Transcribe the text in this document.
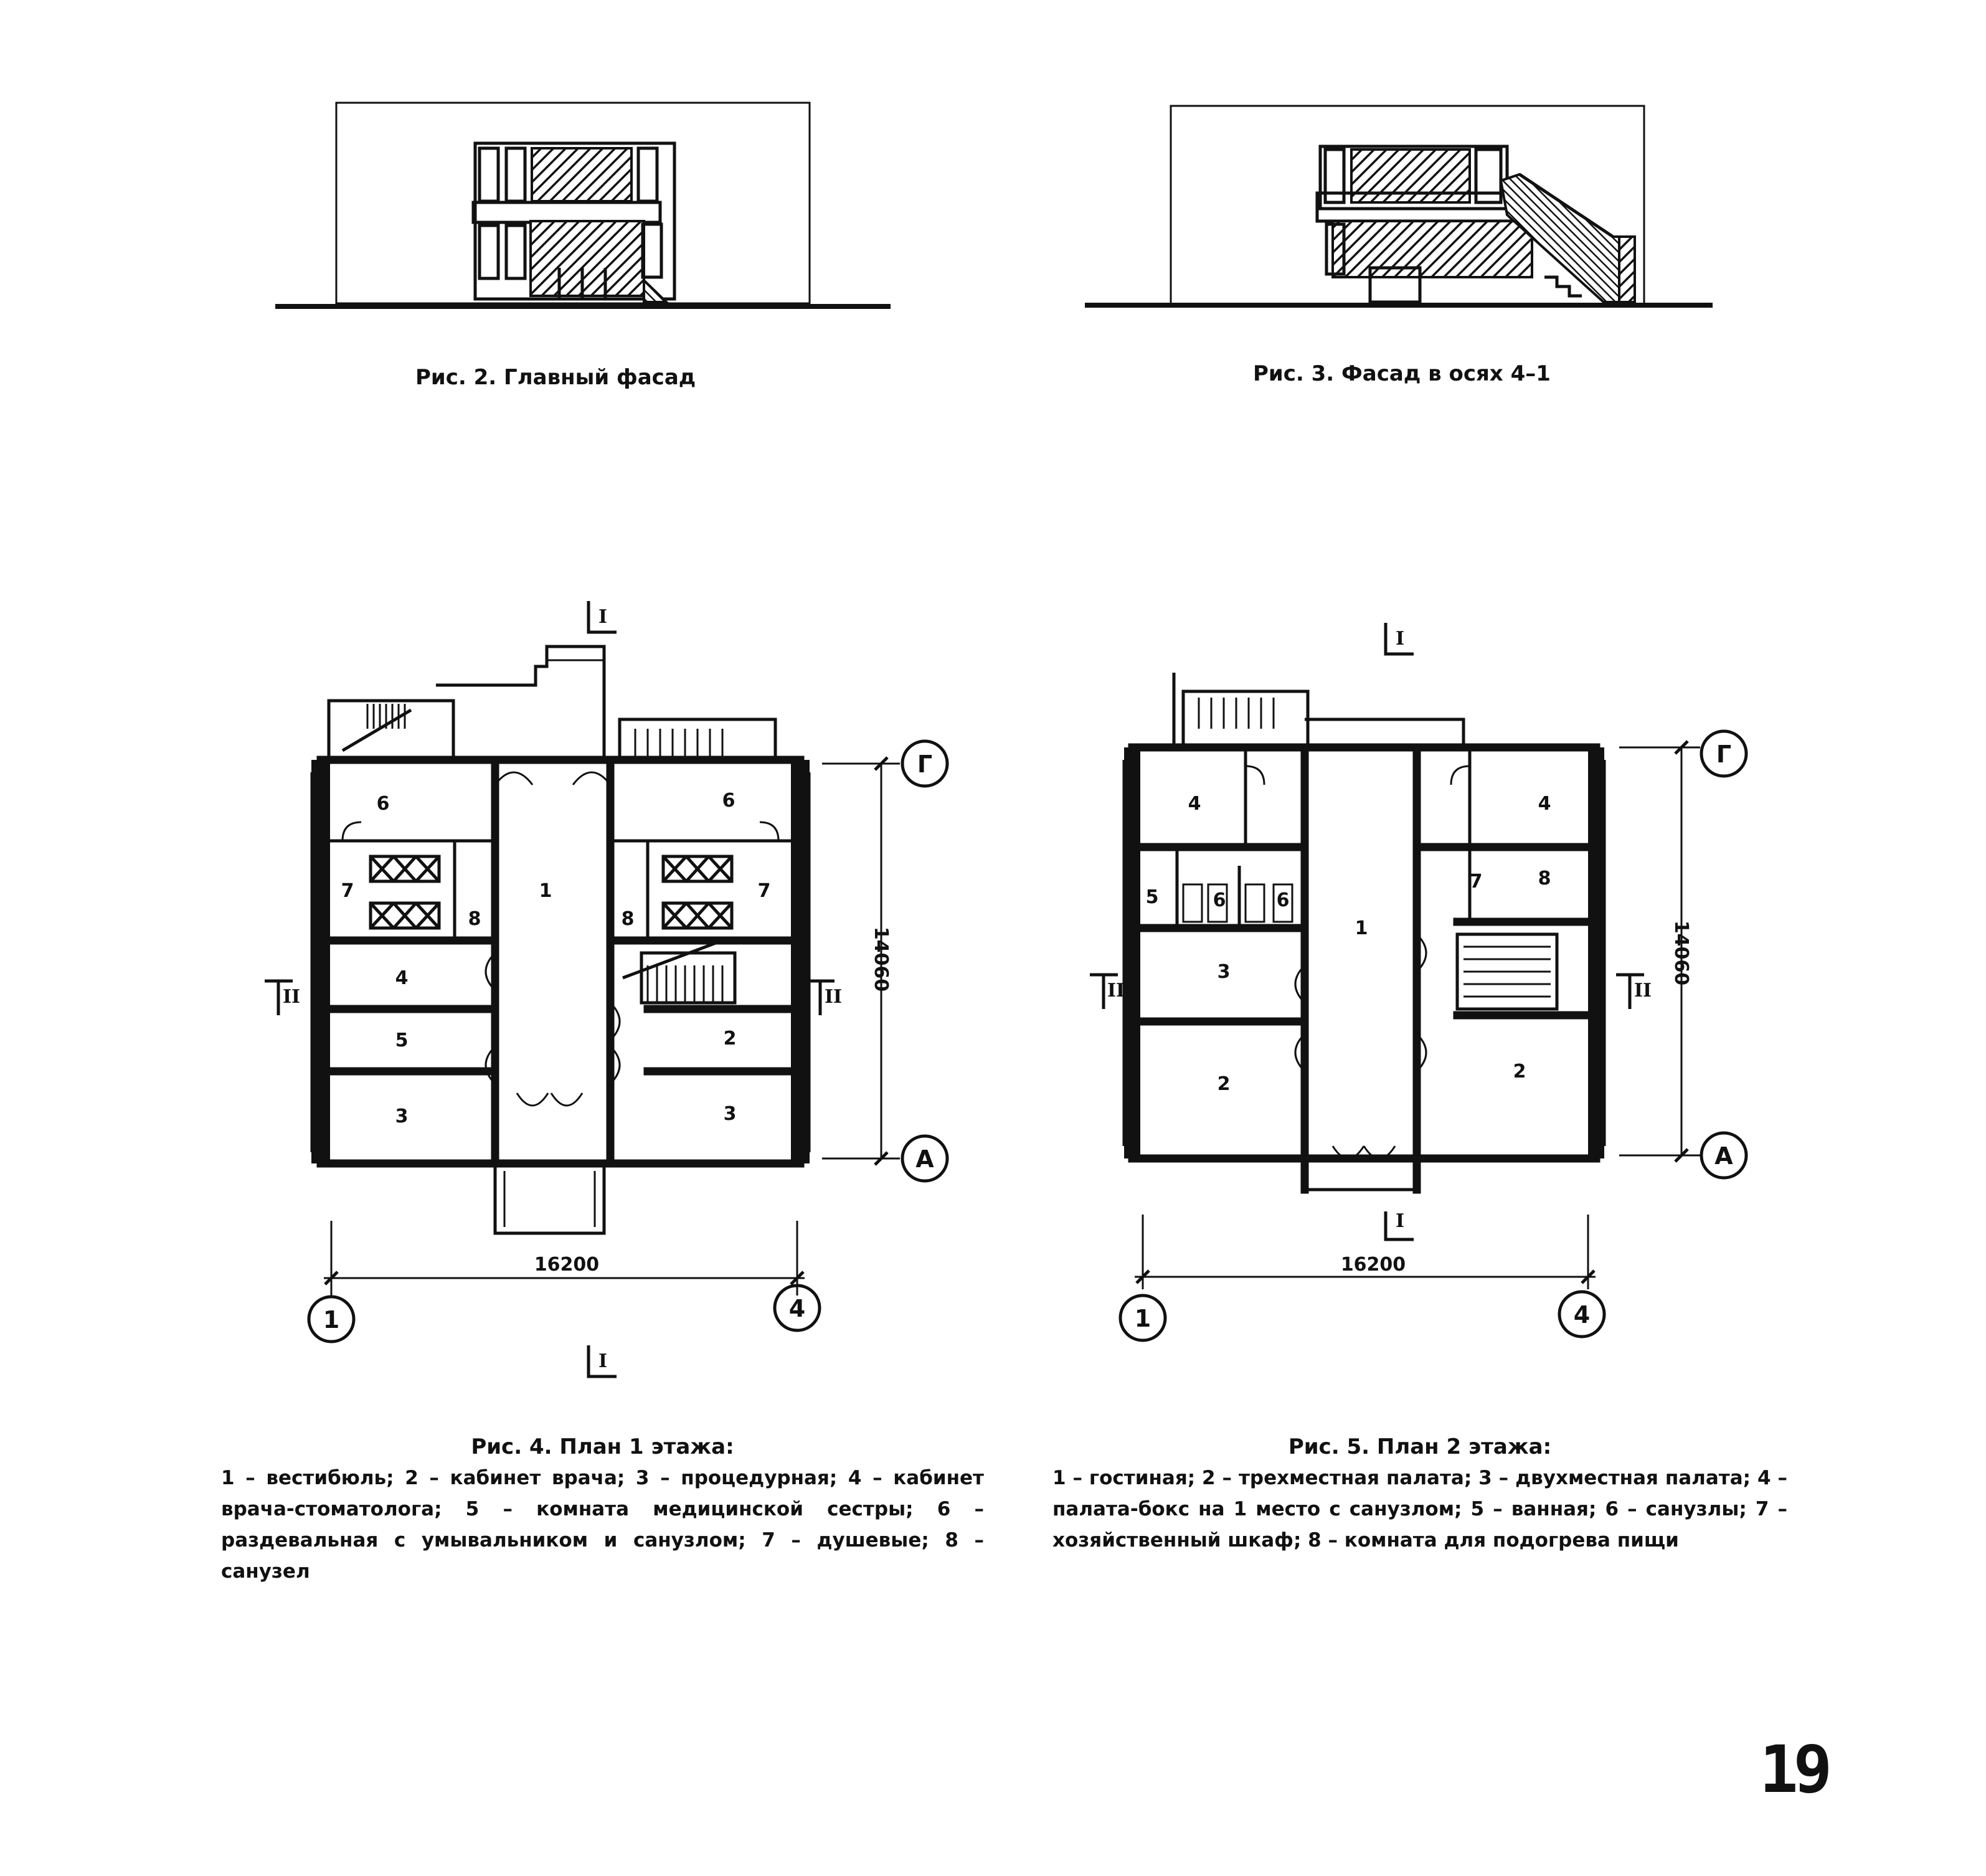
Рис. 2. Главный фасад	Рис. 3. Фасад в осях 4–1
1
6	6
7	7
8	8
4
5	2
3	3
14060
Г
А
16200
1	4
I
I
II	II
Рис. 4. План 1 этажа:
1 – вестибюль; 2 – кабинет врача; 3 – процедурная; 4 – кабинет врача-стоматолога; 5 – комната медицинской сестры; 6 – раздевальная с умывальником и санузлом; 7 – душевые; 8 – санузел
1
4	4
5	6	6
7	8
3
2
2
14060
Г
А
16200
1	4
I
I
II	II
Рис. 5. План 2 этажа:
1 – гостиная; 2 – трехместная палата; 3 – двухместная палата; 4 – палата-бокс на 1 место с санузлом; 5 – ванная; 6 – санузлы; 7 – хозяйственный шкаф; 8 – комната для подогрева пищи
19
